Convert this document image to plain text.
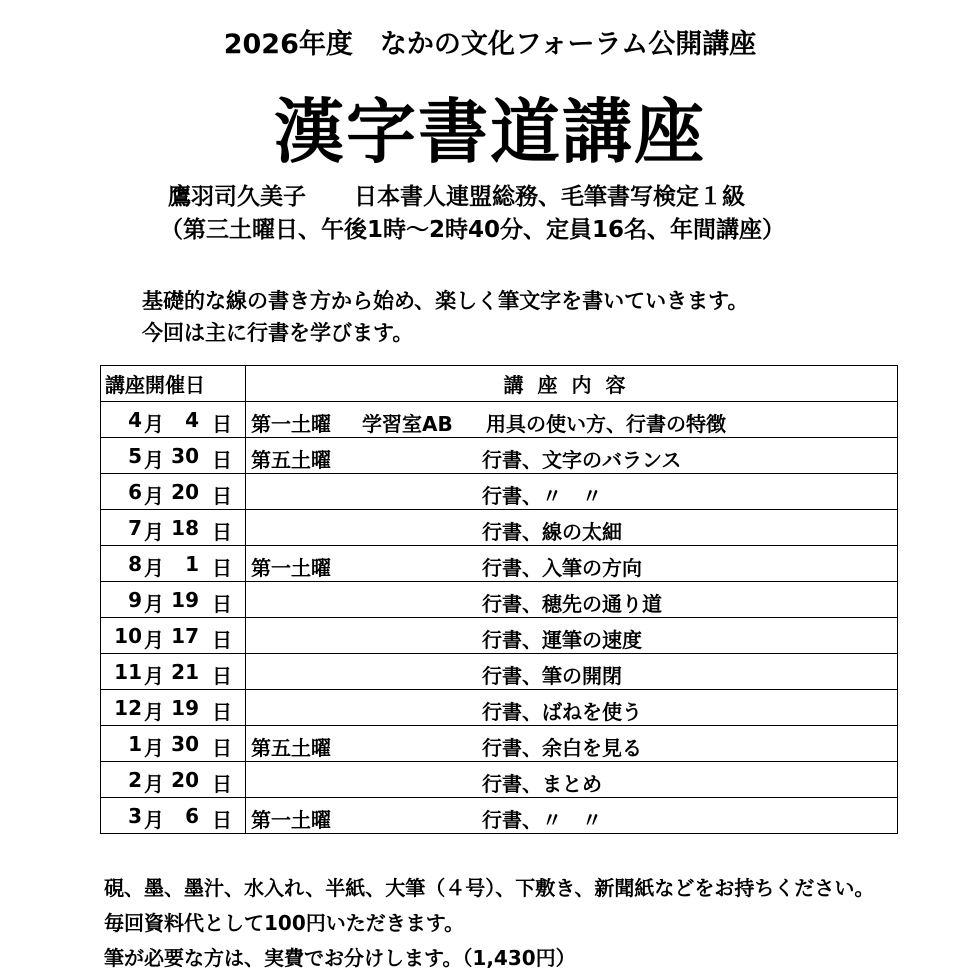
2026年度　なかの文化フォーラム公開講座
漢字書道講座
鷹羽司久美子 日本書人連盟総務、毛筆書写検定１級
（第三土曜日、午後1時～2時40分、定員16名、年間講座）
基礎的な線の書き方から始め、楽しく筆文字を書いていきます。
今回は主に行書を学びます。
講座開催日	講座内容

4 月 4 日	第一土曜 学習室AB 用具の使い方、行書の特徴

5 月 30 日	第五土曜 行書、文字のバランス

6 月 20 日	行書、〃　〃

7 月 18 日	行書、線の太細

8 月 1 日	第一土曜 行書、入筆の方向

9 月 19 日	行書、穂先の通り道

10 月 17 日	行書、運筆の速度

11 月 21 日	行書、筆の開閉

12 月 19 日	行書、ばねを使う

1 月 30 日	第五土曜 行書、余白を見る

2 月 20 日	行書、まとめ

3 月 6 日	第一土曜 行書、〃　〃
硯、墨、墨汁、水入れ、半紙、大筆（４号）、下敷き、新聞紙などをお持ちください。
毎回資料代として100円いただきます。
筆が必要な方は、実費でお分けします。（1,430円）
